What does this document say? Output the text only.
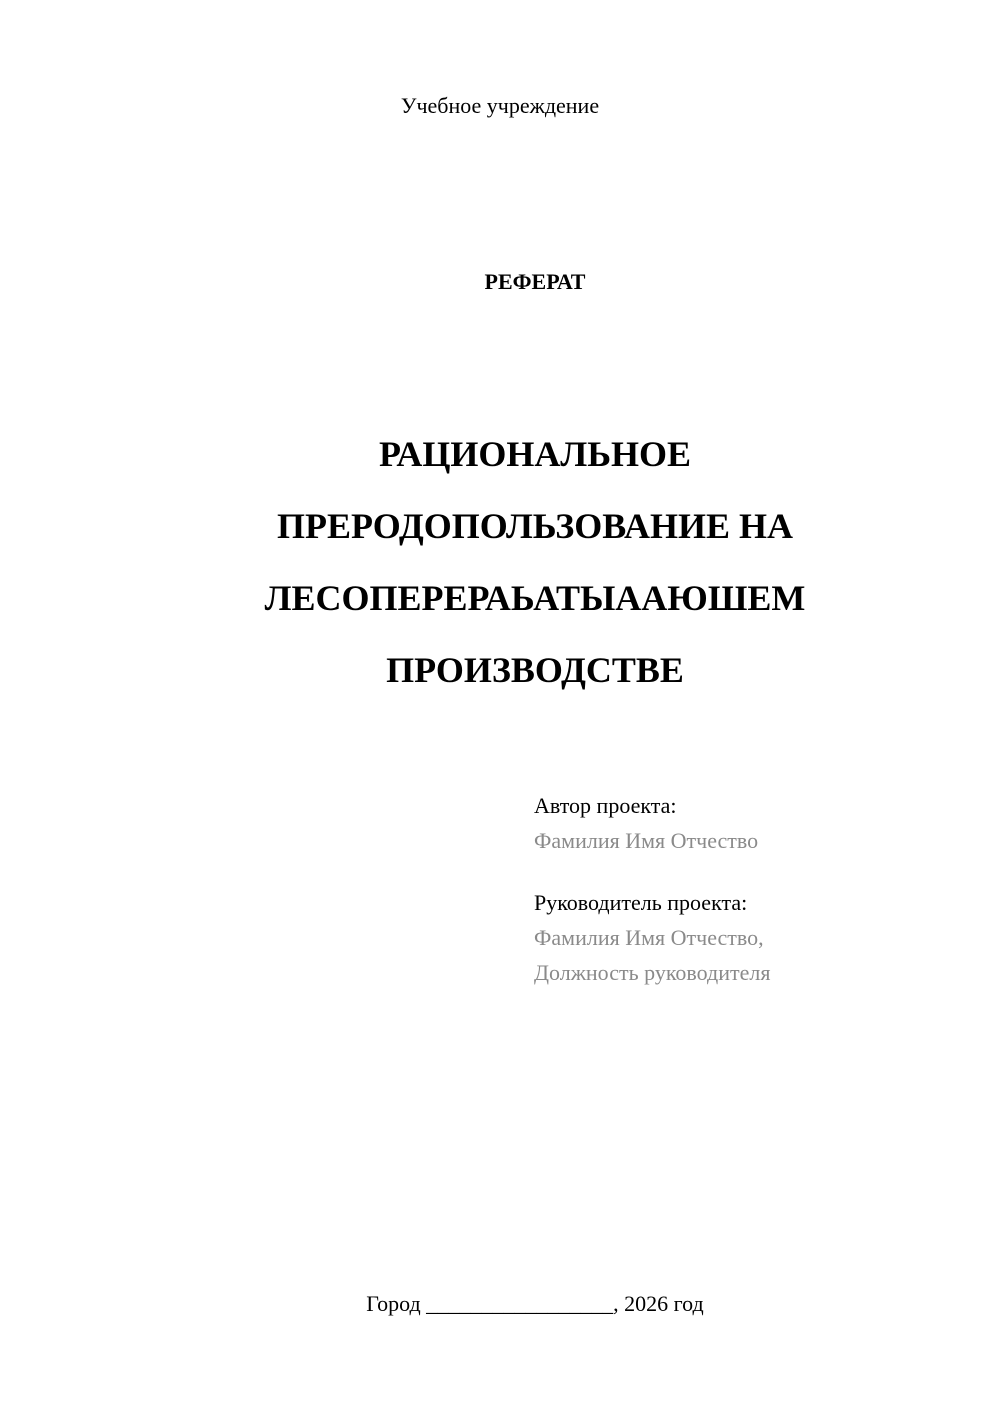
Учебное учреждение
РЕФЕРАТ

РАЦИОНАЛЬНОЕ

ПРЕРОДОПОЛЬЗОВАНИЕ НА

ЛЕСОПЕРЕРАЬАТЫААЮШЕМ

ПРОИЗВОДСТВЕ

Автор проекта:
Фамилия Имя Отчество
Руководитель проекта:
Фамилия Имя Отчество,
Должность руководителя
Город _________________, 2026 год
